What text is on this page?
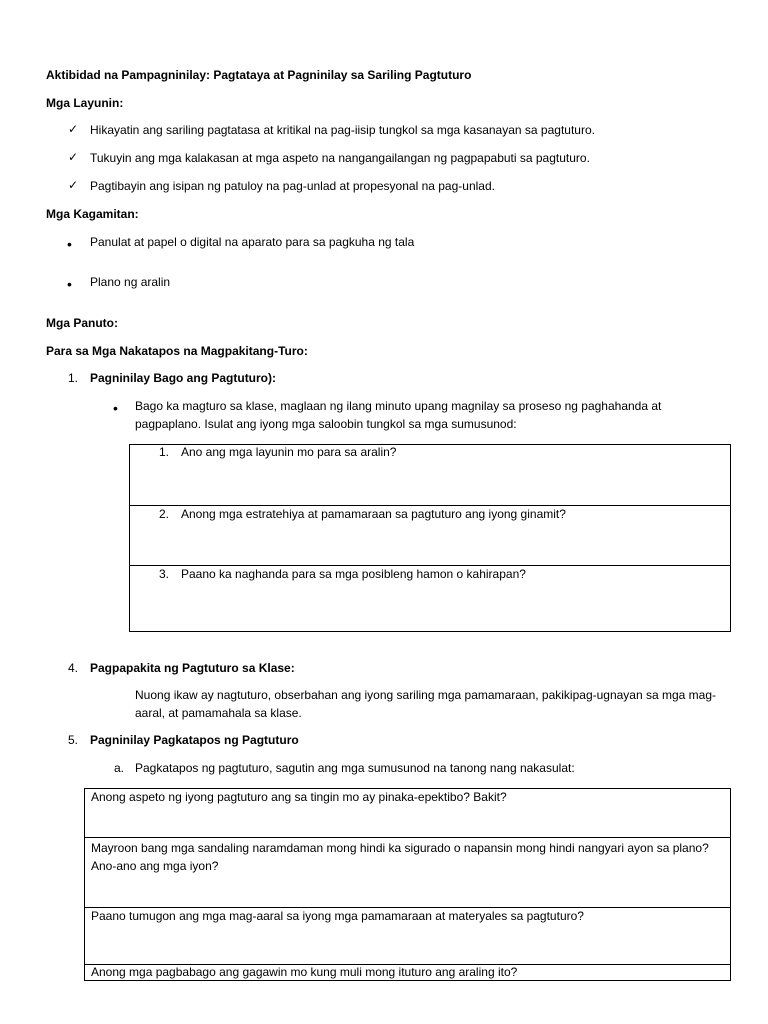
Aktibidad na Pampagninilay: Pagtataya at Pagninilay sa Sariling Pagtuturo
Mga Layunin:
✓ Hikayatin ang sariling pagtatasa at kritikal na pag-iisip tungkol sa mga kasanayan sa pagtuturo.
✓ Tukuyin ang mga kalakasan at mga aspeto na nangangailangan ng pagpapabuti sa pagtuturo.
✓ Pagtibayin ang isipan ng patuloy na pag-unlad at propesyonal na pag-unlad.
Mga Kagamitan:
• Panulat at papel o digital na aparato para sa pagkuha ng tala
• Plano ng aralin
Mga Panuto:
Para sa Mga Nakatapos na Magpakitang-Turo:
1. Pagninilay Bago ang Pagtuturo):
• Bago ka magturo sa klase, maglaan ng ilang minuto upang magnilay sa proseso ng paghahanda at pagpaplano. Isulat ang iyong mga saloobin tungkol sa mga sumusunod:
1. Ano ang mga layunin mo para sa aralin?

2. Anong mga estratehiya at pamamaraan sa pagtuturo ang iyong ginamit?

3. Paano ka naghanda para sa mga posibleng hamon o kahirapan?
4. Pagpapakita ng Pagtuturo sa Klase:
Nuong ikaw ay nagtuturo, obserbahan ang iyong sariling mga pamamaraan, pakikipag-ugnayan sa mga mag-aaral, at pamamahala sa klase.
5. Pagninilay Pagkatapos ng Pagtuturo
a. Pagkatapos ng pagtuturo, sagutin ang mga sumusunod na tanong nang nakasulat:
Anong aspeto ng iyong pagtuturo ang sa tingin mo ay pinaka-epektibo? Bakit?
Mayroon bang mga sandaling naramdaman mong hindi ka sigurado o napansin mong hindi nangyari ayon sa plano? Ano-ano ang mga iyon?
Paano tumugon ang mga mag-aaral sa iyong mga pamamaraan at materyales sa pagtuturo?
Anong mga pagbabago ang gagawin mo kung muli mong ituturo ang araling ito?
